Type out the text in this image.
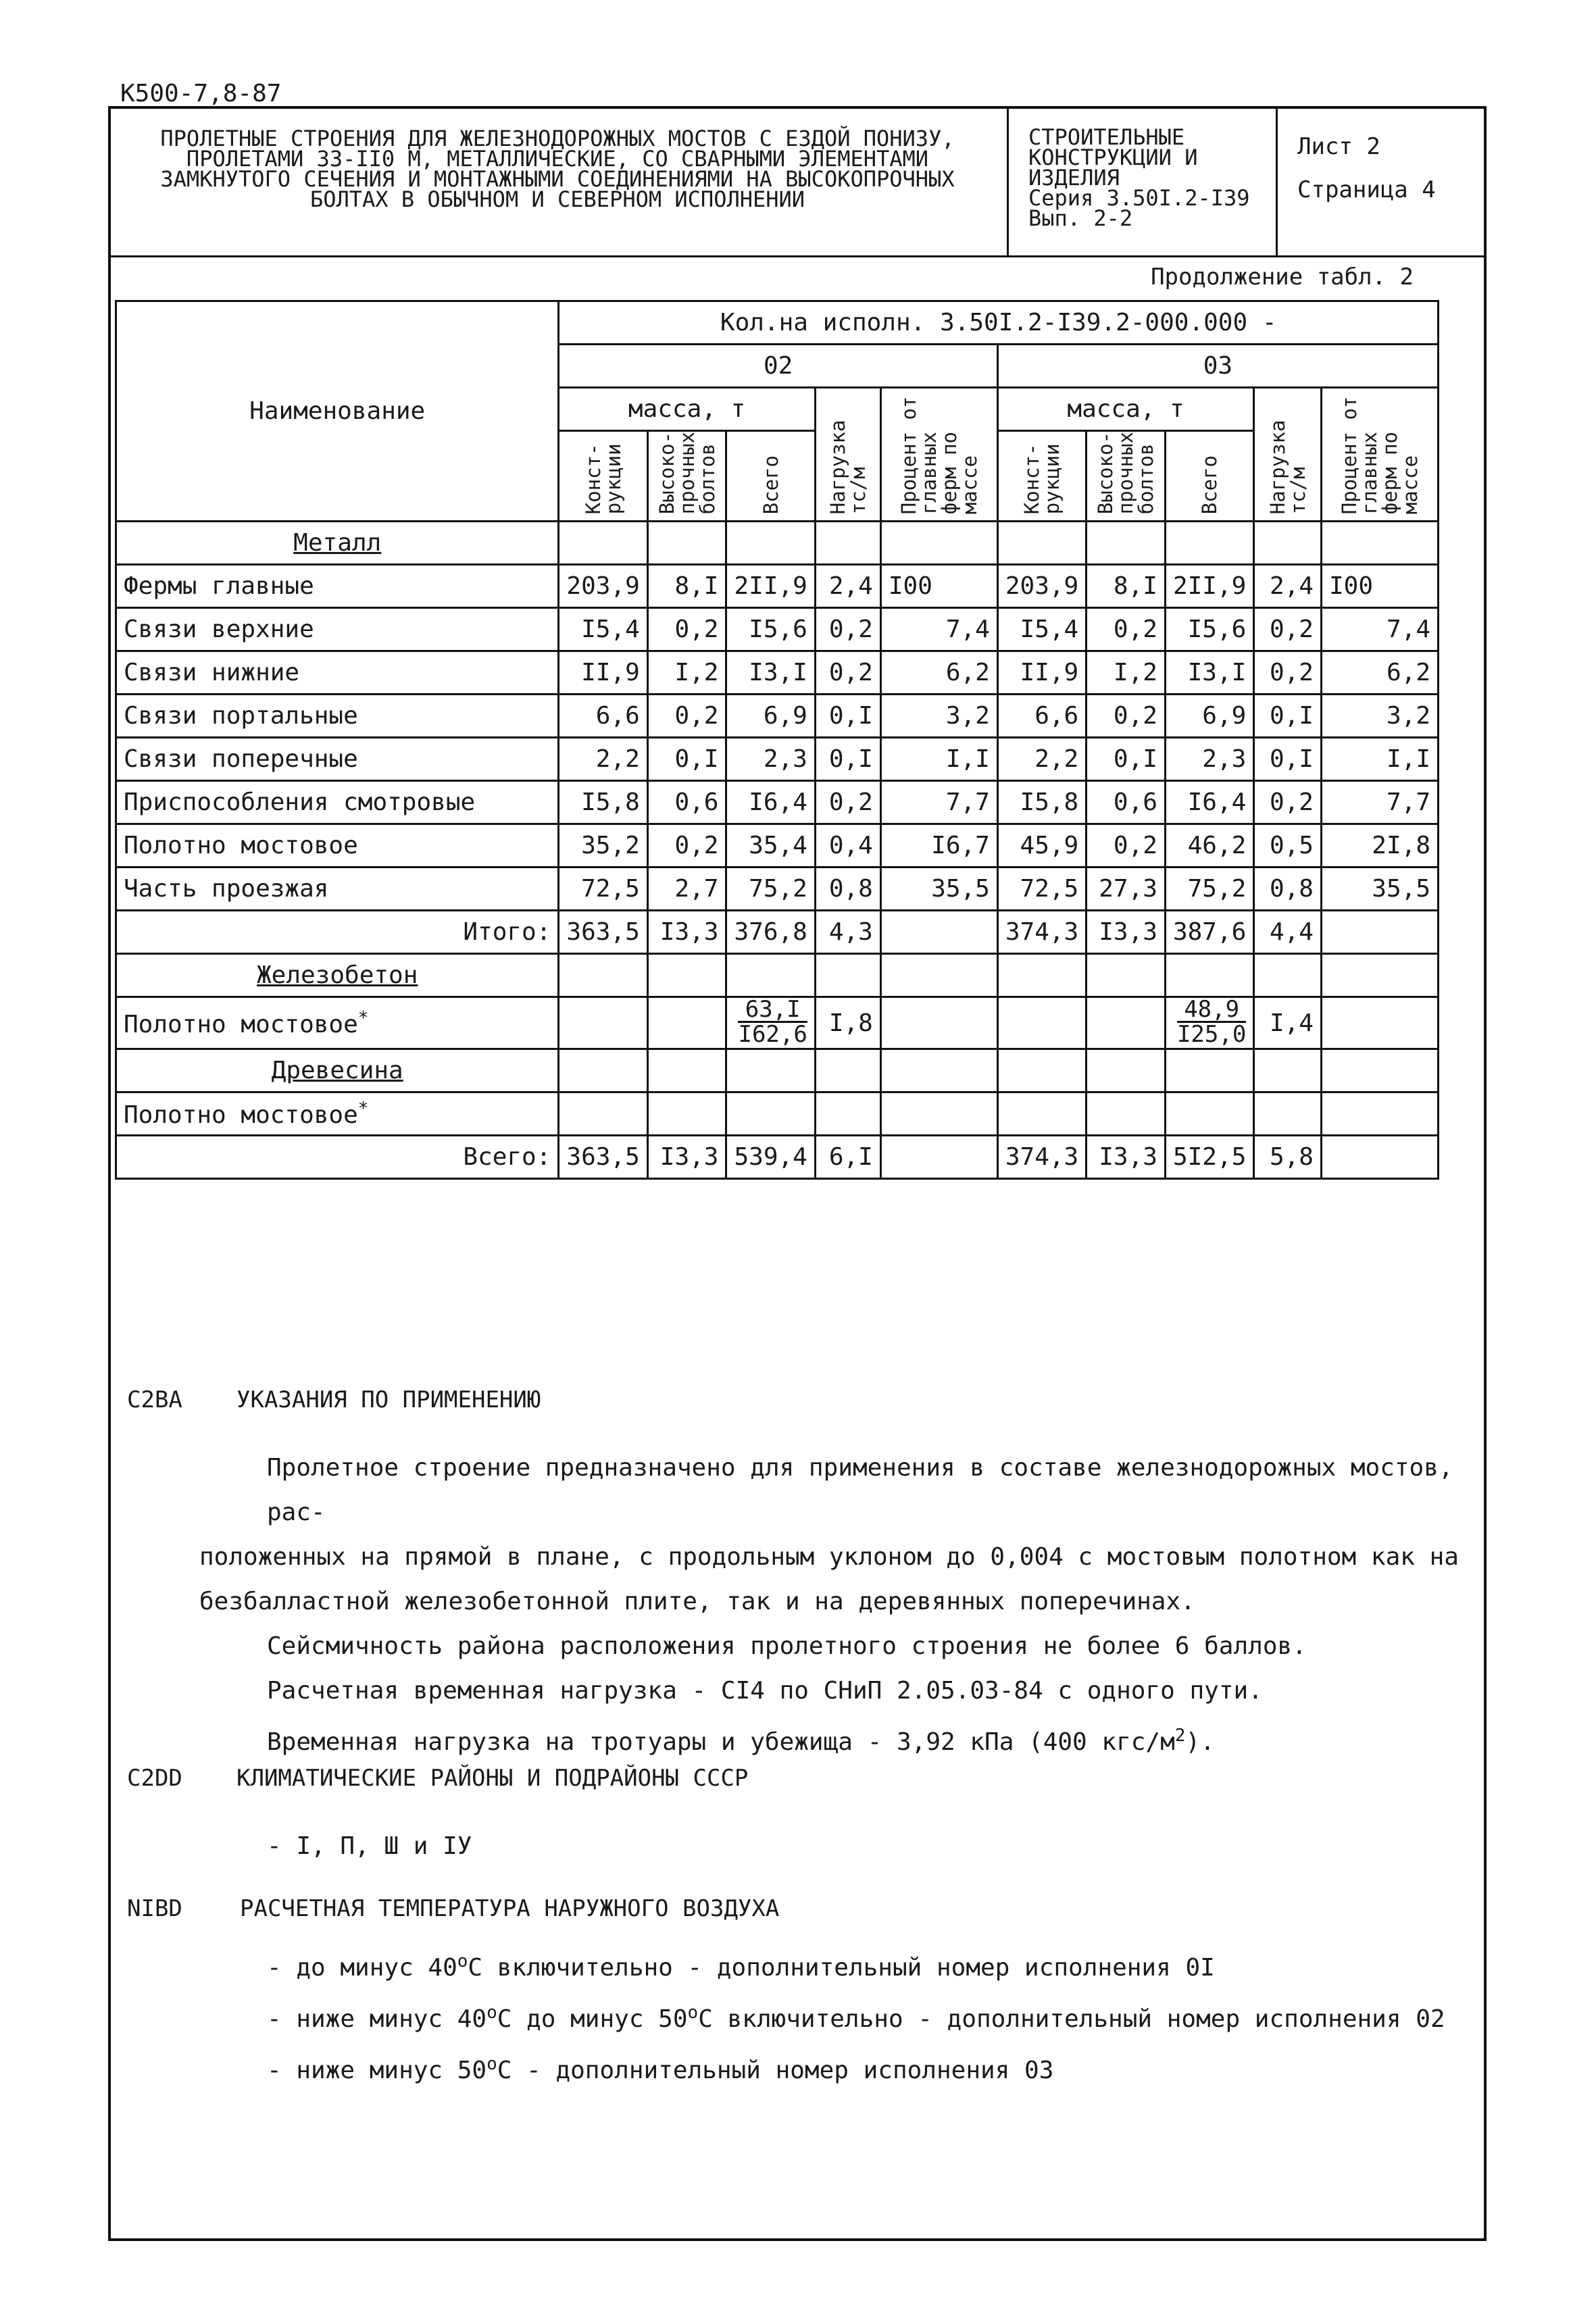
К500-7,8-87
ПРОЛЕТНЫЕ СТРОЕНИЯ ДЛЯ ЖЕЛЕЗНОДОРОЖНЫХ МОСТОВ С ЕЗДОЙ ПОНИЗУ,
ПРОЛЕТАМИ 33-II0 М, МЕТАЛЛИЧЕСКИЕ, СО СВАРНЫМИ ЭЛЕМЕНТАМИ
ЗАМКНУТОГО СЕЧЕНИЯ И МОНТАЖНЫМИ СОЕДИНЕНИЯМИ НА ВЫСОКОПРОЧНЫХ
БОЛТАХ В ОБЫЧНОМ И СЕВЕРНОМ ИСПОЛНЕНИИ
СТРОИТЕЛЬНЫЕ
КОНСТРУКЦИИ И
ИЗДЕЛИЯ
Серия 3.50I.2-I39
Вып. 2-2
Лист 2
Страница 4
Продолжение табл. 2
Наименование	Кол.на исполн. 3.50I.2-I39.2-000.000 -									
	02					03				
	масса, т			Нагрузка тс/м	Процент от главных ферм по массе	масса, т			Нагрузка тс/м	Процент от главных ферм по массе
	Конст-рукции	Высоко-прочных болтов	Всего			Конст-рукции	Высоко-прочных болтов	Всего		
Металл										
Фермы главные	203,9	8,I	2II,9	2,4	I00	203,9	8,I	2II,9	2,4	I00
Связи верхние	I5,4	0,2	I5,6	0,2	7,4	I5,4	0,2	I5,6	0,2	7,4
Связи нижние	II,9	I,2	I3,I	0,2	6,2	II,9	I,2	I3,I	0,2	6,2
Связи портальные	6,6	0,2	6,9	0,I	3,2	6,6	0,2	6,9	0,I	3,2
Связи поперечные	2,2	0,I	2,3	0,I	I,I	2,2	0,I	2,3	0,I	I,I
Приспособления смотровые	I5,8	0,6	I6,4	0,2	7,7	I5,8	0,6	I6,4	0,2	7,7
Полотно мостовое	35,2	0,2	35,4	0,4	I6,7	45,9	0,2	46,2	0,5	2I,8
Часть проезжая	72,5	2,7	75,2	0,8	35,5	72,5	27,3	75,2	0,8	35,5
Итого:	363,5	I3,3	376,8	4,3		374,3	I3,3	387,6	4,4	
Железобетон										
Полотно мостовое*			$\frac{63,I}{I62,6}$	I,8				$\frac{48,9}{I25,0}$	I,4	
Древесина										
Полотно мостовое*										
Всего:	363,5	I3,3	539,4	6,I		374,3	I3,3	5I2,5	5,8	
C2BA УКАЗАНИЯ ПО ПРИМЕНЕНИЮ
Пролетное строение предназначено для применения в составе железнодорожных мостов, рас-
положенных на прямой в плане, с продольным уклоном до 0,004 с мостовым полотном как на
безбалластной железобетонной плите, так и на деревянных поперечинах.
Сейсмичность района расположения пролетного строения не более 6 баллов.
Расчетная временная нагрузка - CI4 по СНиП 2.05.03-84 с одного пути.
Временная нагрузка на тротуары и убежища - 3,92 кПа (400 кгс/$м^2$).
C2DD КЛИМАТИЧЕСКИЕ РАЙОНЫ И ПОДРАЙОНЫ СССР
- I, П, Ш и IУ
NIBD	РАСЧЕТНАЯ ТЕМПЕРАТУРА НАРУЖНОГО ВОЗДУХА
- до минус 40$^o$С включительно - дополнительный номер исполнения 0I
- ниже минус 40$^o$С до минус 50$^o$С включительно - дополнительный номер исполнения 02
- ниже минус 50$^o$С - дополнительный номер исполнения 03
